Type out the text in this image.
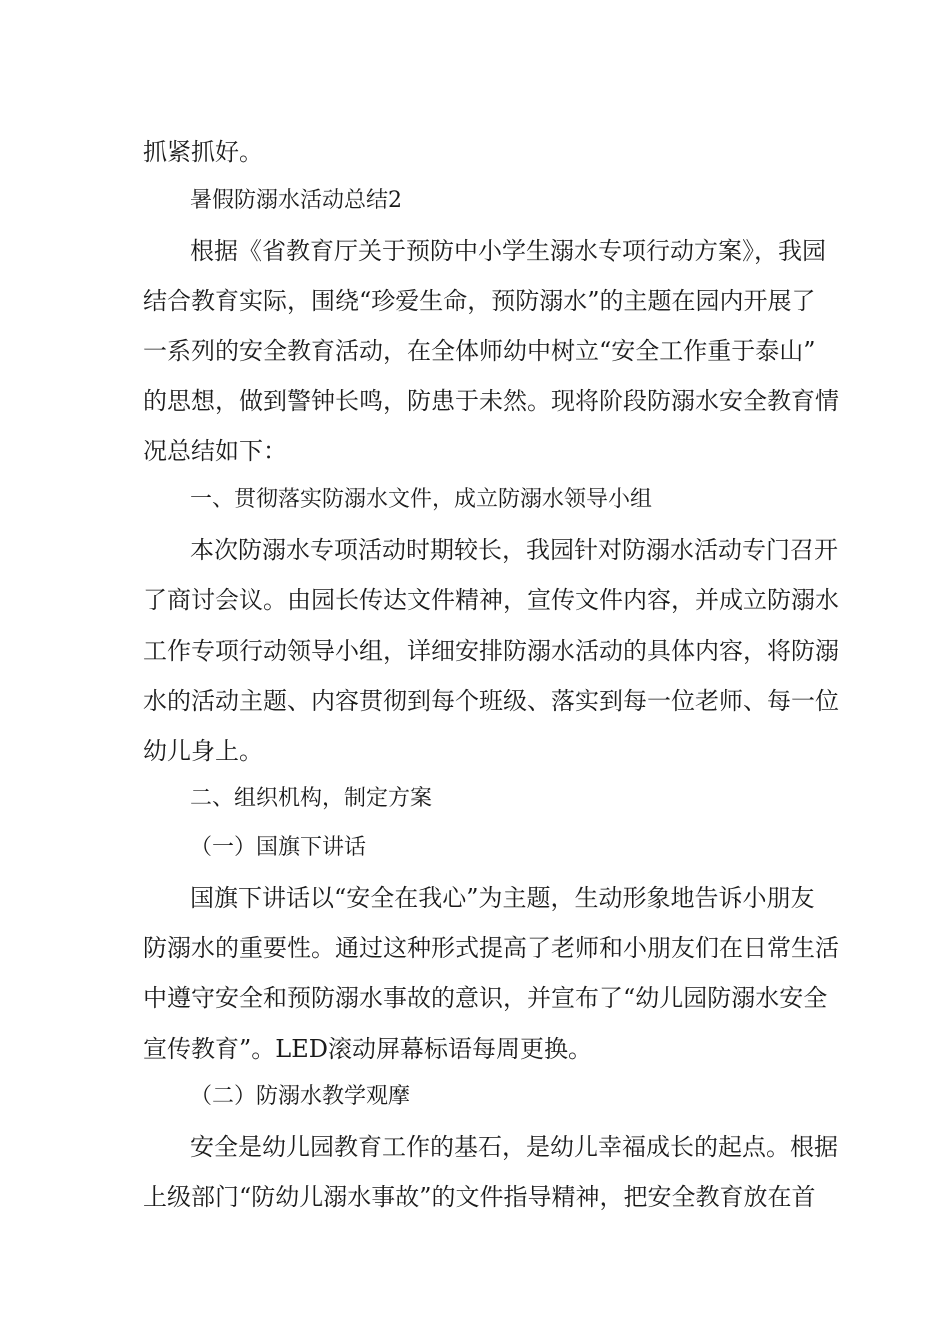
抓紧抓好。
暑假防溺水活动总结2
根据《省教育厅关于预防中小学生溺水专项行动方案》，我园
结合教育实际，围绕“珍爱生命，预防溺水”的主题在园内开展了
一系列的安全教育活动，在全体师幼中树立“安全工作重于泰山”
的思想，做到警钟长鸣，防患于未然。现将阶段防溺水安全教育情
况总结如下：
一、贯彻落实防溺水文件，成立防溺水领导小组
本次防溺水专项活动时期较长，我园针对防溺水活动专门召开
了商讨会议。由园长传达文件精神，宣传文件内容，并成立防溺水
工作专项行动领导小组，详细安排防溺水活动的具体内容，将防溺
水的活动主题、内容贯彻到每个班级、落实到每一位老师、每一位
幼儿身上。
二、组织机构，制定方案
（一）国旗下讲话
国旗下讲话以“安全在我心”为主题，生动形象地告诉小朋友
防溺水的重要性。通过这种形式提高了老师和小朋友们在日常生活
中遵守安全和预防溺水事故的意识，并宣布了“幼儿园防溺水安全
宣传教育”。LED滚动屏幕标语每周更换。
（二）防溺水教学观摩
安全是幼儿园教育工作的基石，是幼儿幸福成长的起点。根据
上级部门“防幼儿溺水事故”的文件指导精神，把安全教育放在首
